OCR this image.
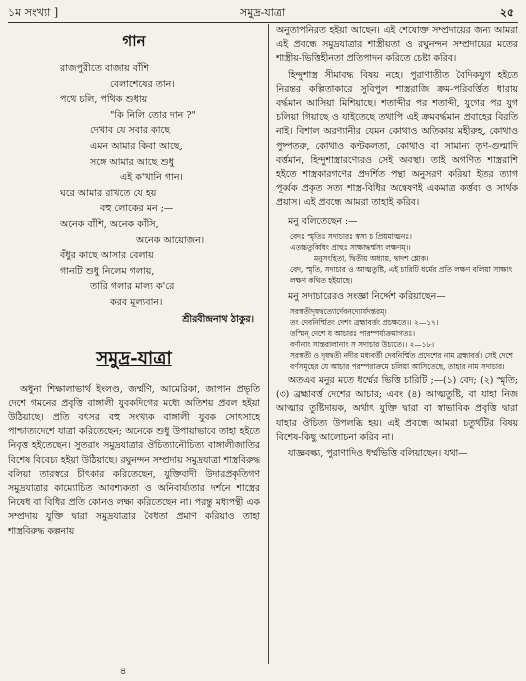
১ম সংখ্যা ]	সমুদ্র-যাত্রা	২৫
গান
রাজপুরীতে বাজায় বাঁশি
বেলাশেষের তান।
পথে চলি, পথিক শুধায়
"কি নিলি তোর দান ?"
দেখাব যে সবার কাছে
এমন আমার কিবা আছে,
সঙ্গে আমার আছে শুধু
এই ক'খানি গান।
ঘরে আমার রাখতে যে হয়
বহু লোকের মন ;—
অনেক বাঁশি, অনেক কাঁসি,
অনেক আয়োজন।
বঁধুর কাছে আসার বেলায়
গানটি শুধু নিলেম গলায়,
তারি গলার মাল্য ক'রে
করব মূল্যবান।
শ্রীরবীন্দ্রনাথ ঠাকুর।
সমুদ্র-যাত্রা

অধুনা শিক্ষালাভার্থ ইংলণ্ড, জর্ম্মণি, আমেরিকা, জাপান প্রভৃতি দেশে গমনের প্রবৃত্তি বাঙ্গালী যুবকদিগের মধ্যে অতিশয় প্রবল হইয়া উঠিয়াছে। প্রতি বৎসর বহু সংখ্যক বাঙ্গালী যুবক সোৎসাহে পাশ্চাত্যদেশে যাত্রা করিতেছেন; অনেকে শুধু উপায়াভাবে তাহা হইতে নিবৃত্ত হইতেছেন। সুতরাং সমুদ্রযাত্রার ঔচিত্যানৌচিত্য বাঙ্গালীজাতির বিশেষ বিবেচ্য হইয়া উঠিয়াছে। রঘুনন্দন সম্প্রদায় সমুদ্রযাত্রা শাস্ত্রবিরুদ্ধ বলিয়া তারস্বরে চীৎকার করিতেছেন, যুক্তিবাদী উদারপ্রকৃতিগণ সমুদ্রযাত্রার কাম্যোচিত আবশ্যকতা ও অনিবার্য্যতার দর্শনে শাস্ত্রের নিষেধ বা বিধির প্রতি কোনও লক্ষ্য করিতেছেন না। পরন্তু মধ্যপন্থী এক সম্প্রদায় যুক্তি দ্বারা সমুদ্রযাত্রার বৈধতা প্রমাণ করিয়াও তাহা শাস্ত্রবিরুদ্ধ কল্পনায়

অনুতাপনিরত হইয়া আছেন। এই শেষোক্ত সম্প্রদায়ের জন্য আমরা এই প্রবন্ধে সমুদ্রযাত্রার শাস্ত্রীয়তা ও রঘুনন্দন সম্প্রদায়ের মতের শাস্ত্রীয়-ভিত্তিহীনতা প্রতিপাদন করিতে চেষ্টা করিব।

হিন্দুশাস্ত্র সীমাবদ্ধ বিষয় নহে। পুরাণাতীত বৈদিকযুগ হইতে নিরন্তর কল্পিতাকারে সুবিপুল শাস্ত্ররাজি ক্রম-পরিবর্ত্তিত ধারায় বর্দ্ধমান আসিয়া মিশিয়াছে। শতাব্দীর পর শতাব্দী, যুগের পর যুগ চলিয়া গিয়াছে ও যাইতেছে তথাপি এই ক্রমবর্দ্ধমান প্রবাহের বিরতি নাই। বিশাল অরণ্যানীর যেমন কোথাও অতিকায় মহীরুহ, কোথাও পুষ্পতরু, কোথাও কণ্টকলতা, কোথাও বা সামান্য তৃণ-গুল্মাদি বর্ত্তমান, হিন্দুশাস্ত্রারণ্যেরও সেই অবস্থা। তাই অগণিত শাস্ত্ররাশি হইতে শাস্ত্রকারগণের প্রদর্শিত পন্থা অনুসরণ করিয়া ইতর ত্যাগ পূর্ব্বক প্রকৃত সত্য শাস্ত্র-বিধির অন্বেষণই একমাত্র কর্ত্তব্য ও সার্থক প্রয়াস। এই প্রবন্ধে আমরা তাহাই করিব।

মনু বলিতেছেন :—
বেদঃ স্মৃতিঃ সদাচারঃ স্বস্য চ প্রিয়মাত্মনঃ।
এতচ্চতুর্ব্বিধং প্রাহুঃ সাক্ষাদ্ধর্ম্মস্য লক্ষণম্।।
মনুসংহিতা, দ্বিতীয় অধ্যায়, দ্বাদশ শ্লোক।
বেদ, স্মৃতি, সদাচার ও আত্মতুষ্টি, এই চারিটি ধর্মের প্রতি লক্ষণ বলিয়া সাক্ষাৎ লক্ষণ কথিত হইয়াছে।
মনু সদাচারেরও সংজ্ঞা নির্দ্দেশ করিয়াছেন—
সরস্বতীদৃষদ্বত্যোর্দেবনদ্যোর্যদন্তরম্।
তং দেবনির্ম্মিতং দেশং ব্রহ্মাবর্ত্তং প্রচক্ষতে।। ২—১৭।
তস্মিন্ দেশে য আচারঃ পারম্পর্য্যক্রমাগতঃ।
বর্ণানাং সান্তরালানাং স সদাচার উচ্যতে।। ২—১৮।
সরস্বতী ও দৃষদ্বতী নদীর মধ্যবর্ত্তী দেবনির্ম্মিত প্রদেশের নাম ব্রহ্মাবর্ত্ত। সেই দেশে বর্ণসমূহের যে আচার পরম্পরাক্রমে চলিয়া আসিতেছে, তাহার নাম সদাচার।

অতএব মনুর মতে ধর্ম্মের ভিত্তি চারিটি ;—(১) বেদ; (২) স্মৃতি; (৩) ব্রহ্মাবর্ত্ত দেশের আচার; এবং (৪) আত্মতুষ্টি, বা যাহা নিজ আত্মার তুষ্টিদায়ক, অর্থাৎ যুক্তি দ্বারা বা স্বাভাবিক প্রবৃত্তি দ্বারা যাহার ঔচিত্য উপলব্ধি হয়। এই প্রবন্ধে আমরা চতুর্থটির বিষয় বিশেষ-কিছু আলোচনা করিব না।

যাজ্ঞবল্ক্য, পুরাণাদিও ধর্ম্মভিত্তি বলিয়াছেন। যথা—

৪
